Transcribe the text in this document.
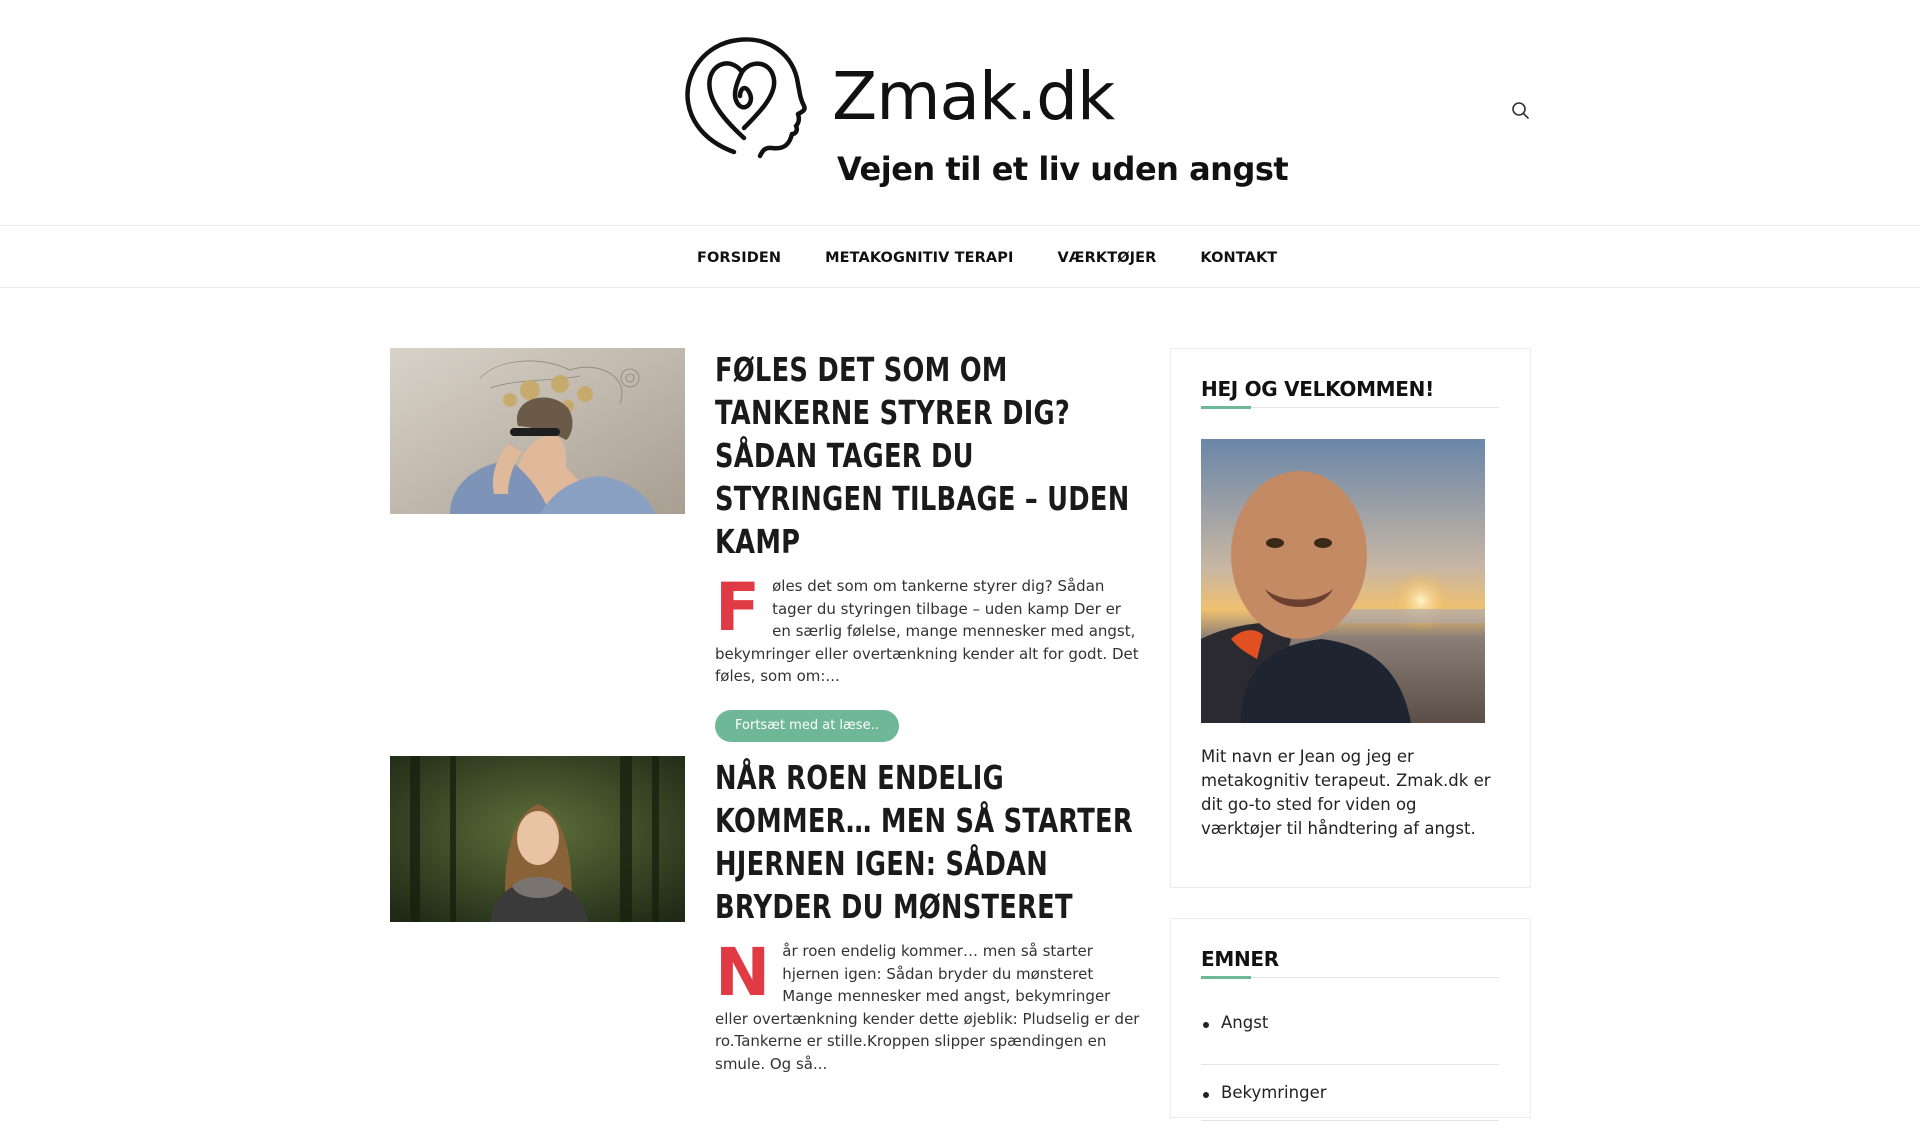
Zmak.dk
Vejen til et liv uden angst
FORSIDEN	METAKOGNITIV TERAPI	VÆRKTØJER	KONTAKT
FØLES DET SOM OM TANKERNE STYRER DIG? SÅDAN TAGER DU STYRINGEN TILBAGE – UDEN KAMP

Føles det som om tankerne styrer dig? Sådan tager du styringen tilbage – uden kamp Der er en særlig følelse, mange mennesker med angst, bekymringer eller overtænkning kender alt for godt. Det føles, som om:...

Fortsæt med at læse..
NÅR ROEN ENDELIG KOMMER… MEN SÅ STARTER HJERNEN IGEN: SÅDAN BRYDER DU MØNSTERET

Når roen endelig kommer… men så starter hjernen igen: Sådan bryder du mønsteret Mange mennesker med angst, bekymringer eller overtænkning kender dette øjeblik: Pludselig er der ro.Tankerne er stille.Kroppen slipper spændingen en smule. Og så...

HEJ OG VELKOMMEN!

Mit navn er Jean og jeg er metakognitiv terapeut. Zmak.dk er dit go-to sted for viden og værktøjer til håndtering af angst.

EMNER
Angst
Bekymringer
